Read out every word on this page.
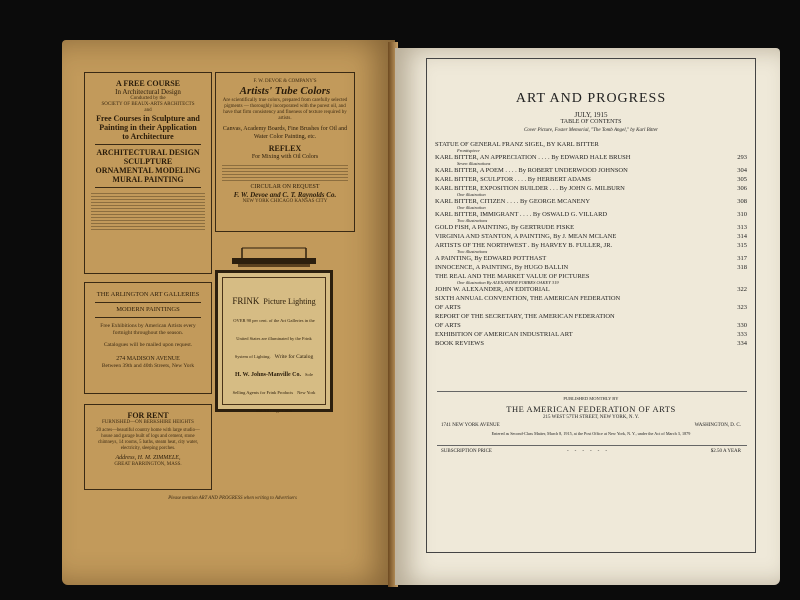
A FREE COURSE
In Architectural Design
Conducted by the
SOCIETY OF BEAUX-ARTS ARCHITECTS
and
Free Courses in Sculpture and
Painting in their Application
to Architecture
ARCHITECTURAL DESIGN
SCULPTURE
ORNAMENTAL MODELING
MURAL PAINTING
F. W. DEVOE & COMPANY'S
Artists' Tube Colors
Are scientifically true colors, prepared from carefully selected pigments — thoroughly incorporated with the purest oil, and have that firm consistency and fineness of texture required by artists.
Canvas, Academy Boards, Fine Brushes for Oil and Water Color Painting, etc.
REFLEX
For Mixing with Oil Colors
CIRCULAR ON REQUEST
F. W. Devoe and C. T. Raynolds Co.
NEW YORK CHICAGO KANSAS CITY
THE ARLINGTON ART GALLERIES
MODERN PAINTINGS
Free Exhibitions by American Artists every fortnight throughout the season.
Catalogues will be mailed upon request.
274 MADISON AVENUE
Between 39th and 40th Streets, New York
FRINK Picture Lighting OVER 90 per cent. of the Art Galleries in the United States are illuminated by the Frink System of Lighting. Write for Catalog H. W. Johns-Manville Co. Sole Selling Agents for Frink Products New York and All Large Cities
FOR RENT
FURNISHED—ON BERKSHIRE HEIGHTS
20 acres—beautiful country home with large studio—house and garage built of logs and cement, stone chimneys, 14 rooms, 5 baths, steam heat, city water, electricity, sleeping porches.
Address, H. M. ZIMMELE,
GREAT BARRINGTON, MASS.
Please mention ART AND PROGRESS when writing to Advertisers
ART AND PROGRESS
JULY, 1915
TABLE OF CONTENTS
Cover Picture, Foster Memorial, "The Tomb Angel," by Karl Bitter
STATUE OF GENERAL FRANZ SIGEL, BY KARL BITTER
Frontispiece
KARL BITTER, AN APPRECIATION . . . . By EDWARD HALE BRUSH	293
Seven illustrations
KARL BITTER, A POEM . . . . By ROBERT UNDERWOOD JOHNSON	304
KARL BITTER, SCULPTOR . . . . By HERBERT ADAMS	305
KARL BITTER, EXPOSITION BUILDER . . . By JOHN G. MILBURN	306
One illustration
KARL BITTER, CITIZEN . . . . By GEORGE MCANENY	308
One illustration
KARL BITTER, IMMIGRANT . . . . By OSWALD G. VILLARD	310
Two illustrations
GOLD FISH, A PAINTING, By GERTRUDE FISKE	313
VIRGINIA AND STANTON, A PAINTING, By J. MEAN MCLANE	314
ARTISTS OF THE NORTHWEST . By HARVEY B. FULLER, JR.	315
Two illustrations
A PAINTING, By EDWARD POTTHAST	317
INNOCENCE, A PAINTING, By HUGO BALLIN	318
THE REAL AND THE MARKET VALUE OF PICTURES
One illustration By ALEXANDER FORBES OAKEY 319
JOHN W. ALEXANDER, AN EDITORIAL	322
SIXTH ANNUAL CONVENTION, THE AMERICAN FEDERATION
OF ARTS	323
REPORT OF THE SECRETARY, THE AMERICAN FEDERATION
OF ARTS	330
EXHIBITION OF AMERICAN INDUSTRIAL ART	333
BOOK REVIEWS	334
PUBLISHED MONTHLY BY
THE AMERICAN FEDERATION OF ARTS
215 WEST 57TH STREET, NEW YORK, N. Y.
1741 NEW YORK AVENUE	WASHINGTON, D. C.
Entered as Second-Class Matter, March 8, 1915, at the Post Office at New York, N. Y., under the Act of March 3, 1879
SUBSCRIPTION PRICE	------	$2.50 A YEAR
